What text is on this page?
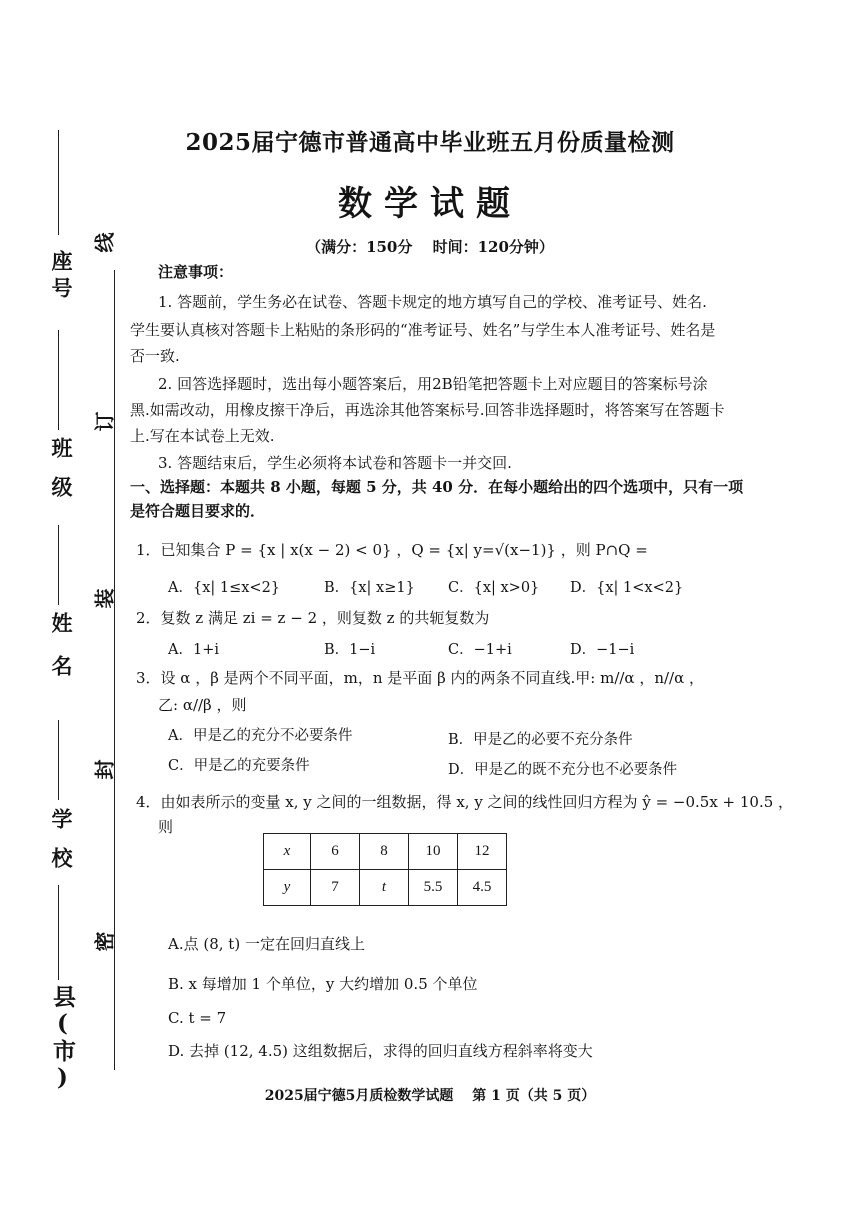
座号
班级
姓名
学校
县(市)
线
订
装
封
密
2025届宁德市普通高中毕业班五月份质量检测
数学试题
（满分：150分　 时间：120分钟）
注意事项：
1. 答题前，学生务必在试卷、答题卡规定的地方填写自己的学校、准考证号、姓名.
学生要认真核对答题卡上粘贴的条形码的“准考证号、姓名”与学生本人准考证号、姓名是
否一致.
2. 回答选择题时，选出每小题答案后，用2B铅笔把答题卡上对应题目的答案标号涂
黑.如需改动，用橡皮擦干净后，再选涂其他答案标号.回答非选择题时，将答案写在答题卡
上.写在本试卷上无效.
3. 答题结束后，学生必须将本试卷和答题卡一并交回.
一、选择题：本题共 8 小题，每题 5 分，共 40 分．在每小题给出的四个选项中，只有一项
是符合题目要求的．
1．已知集合 P = {x | x(x − 2) < 0} ，Q = {x| y=√(x−1)} ，则 P∩Q =
A．{x| 1≤x<2}	B．{x| x≥1} C．{x| x>0} D．{x| 1<x<2}
2．复数 z 满足 zi = z − 2 ，则复数 z 的共轭复数为
A．1+i	B．1−i	C．−1+i	D．−1−i
3．设 α ，β 是两个不同平面，m，n 是平面 β 内的两条不同直线.甲: m//α ，n//α ，
乙: α//β ，则
A．甲是乙的充分不必要条件	B．甲是乙的必要不充分条件
C．甲是乙的充要条件	D．甲是乙的既不充分也不必要条件
4．由如表所示的变量 x, y 之间的一组数据，得 x, y 之间的线性回归方程为 ŷ = −0.5x + 10.5 ，
则
x	6	8	10	12
y	7	t	5.5	4.5
A.点 (8, t) 一定在回归直线上
B. x 每增加 1 个单位，y 大约增加 0.5 个单位
C. t = 7
D. 去掉 (12, 4.5) 这组数据后，求得的回归直线方程斜率将变大
2025届宁德5月质检数学试题　 第 1 页（共 5 页）
